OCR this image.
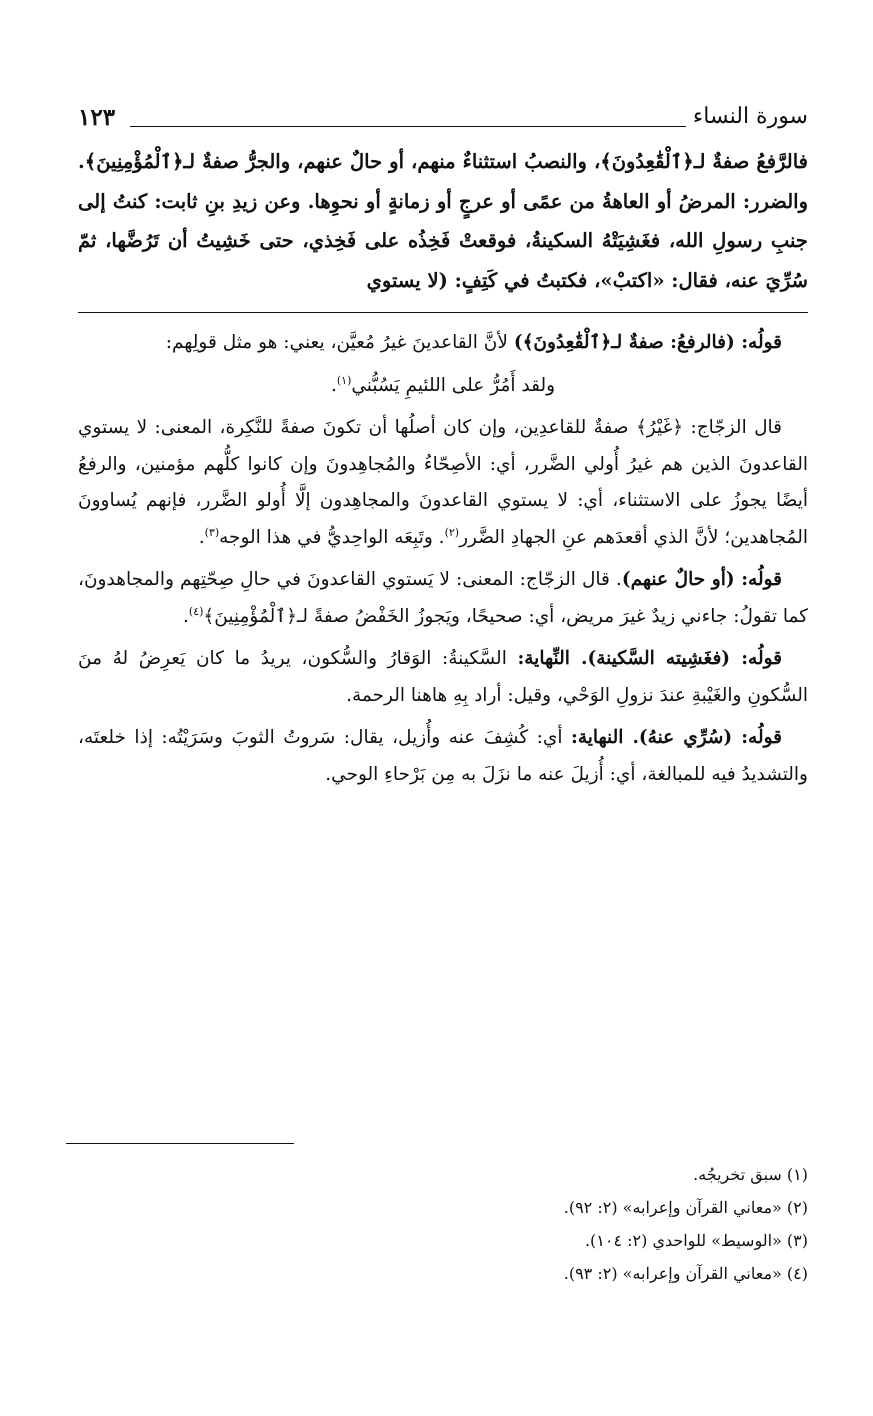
سورة النساء
١٢٣

فالرَّفعُ صفةٌ لـ﴿ٱلْقَٰعِدُونَ﴾، والنصبُ استثناءٌ منهم، أو حالٌ عنهم، والجرُّ صفةٌ لـ﴿ٱلْمُؤْمِنِينَ﴾. والضرر: المرضُ أو العاهةُ من عمًى أو عرجٍ أو زمانةٍ أو نحوِها. وعن زيدِ بنِ ثابت: كنتُ إلى جنبِ رسولِ الله، فغَشِيَتْهُ السكينةُ، فوقعتْ فَخِذُه على فَخِذي، حتى خَشِيتُ أن تَرُضَّها، ثمّ سُرِّيَ عنه، فقال: «اكتبْ»، فكتبتُ في كَتِفٍ: (لا يستوي

قولُه: (فالرفعُ: صفةٌ لـ﴿ٱلْقَٰعِدُونَ﴾) لأنَّ القاعدينَ غيرُ مُعيَّن، يعني: هو مثل قولِهم:

ولقد أَمُرُّ على اللئيمِ يَسُبُّني$^{(١)}$.

قال الزجّاج: ﴿غَيْرُ﴾ صفةٌ للقاعدِين، وإن كان أصلُها أن تكونَ صفةً للنَّكِرة، المعنى: لا يستوي القاعدونَ الذين هم غيرُ أُولي الضَّرر، أي: الأصِحّاءُ والمُجاهِدونَ وإن كانوا كلُّهم مؤمنين، والرفعُ أيضًا يجوزُ على الاستثناء، أي: لا يستوي القاعدونَ والمجاهِدون إلَّا أُولو الضَّرر، فإنهم يُساوونَ المُجاهدين؛ لأنَّ الذي أقعدَهم عنِ الجهادِ الضَّرر$^{(٢)}$. وتَبِعَه الواحِديُّ في هذا الوجه$^{(٣)}$.

قولُه: (أو حالٌ عنهم). قال الزجّاج: المعنى: لا يَستوي القاعدونَ في حالِ صِحّتِهم والمجاهدونَ، كما تقولُ: جاءني زيدٌ غيرَ مريض، أي: صحيحًا، ويَجوزُ الخَفْضُ صفةً لـ﴿ٱلْمُؤْمِنِينَ﴾$^{(٤)}$.

قولُه: (فغَشِيته السَّكينة). النِّهاية: السَّكينةُ: الوَقارُ والسُّكون، يريدُ ما كان يَعرِضُ لهُ منَ السُّكونِ والغَيْبةِ عندَ نزولِ الوَحْي، وقيل: أراد بِهِ هاهنا الرحمة.

قولُه: (سُرِّي عنهُ). النهاية: أي: كُشِفَ عنه وأُزيل، يقال: سَروتُ الثوبَ وسَرَيْتُه: إذا خلعتَه، والتشديدُ فيه للمبالغة، أي: أُزيلَ عنه ما نزَلَ به مِن بَرْحاءِ الوحي.

(١) سبق تخريجُه.
(٢) «معاني القرآن وإعرابه» (٢: ٩٢).
(٣) «الوسيط» للواحدي (٢: ١٠٤).
(٤) «معاني القرآن وإعرابه» (٢: ٩٣).
